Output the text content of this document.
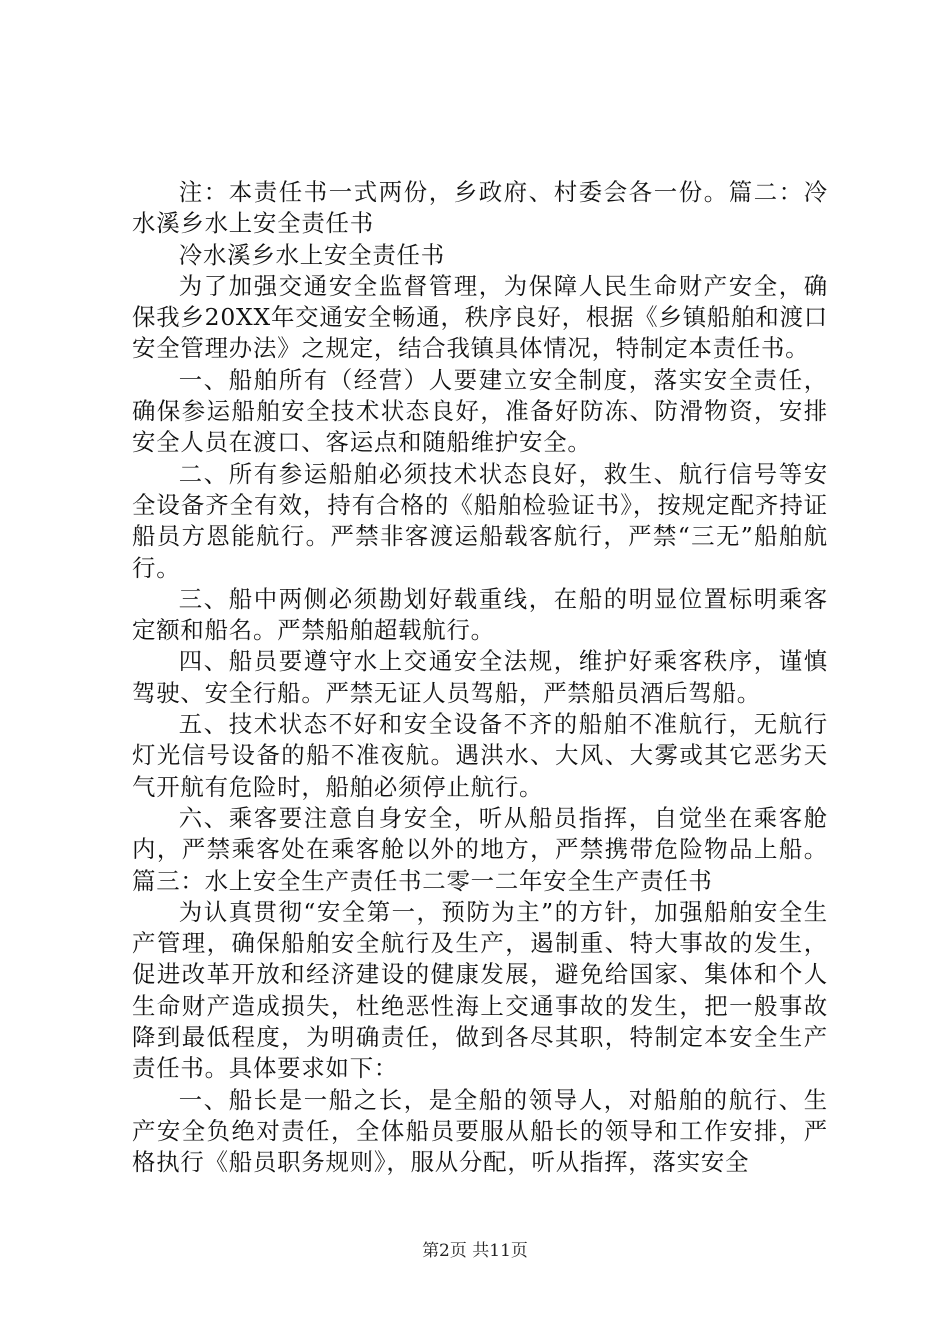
注：本责任书一式两份，乡政府、村委会各一份。篇二：冷水溪乡水上安全责任书

冷水溪乡水上安全责任书

为了加强交通安全监督管理，为保障人民生命财产安全，确保我乡20XX年交通安全畅通，秩序良好，根据《乡镇船舶和渡口安全管理办法》之规定，结合我镇具体情况，特制定本责任书。

一、船舶所有（经营）人要建立安全制度，落实安全责任，确保参运船舶安全技术状态良好，准备好防冻、防滑物资，安排安全人员在渡口、客运点和随船维护安全。

二、所有参运船舶必须技术状态良好，救生、航行信号等安全设备齐全有效，持有合格的《船舶检验证书》，按规定配齐持证船员方恩能航行。严禁非客渡运船载客航行，严禁“三无”船舶航行。

三、船中两侧必须勘划好载重线，在船的明显位置标明乘客定额和船名。严禁船舶超载航行。

四、船员要遵守水上交通安全法规，维护好乘客秩序，谨慎驾驶、安全行船。严禁无证人员驾船，严禁船员酒后驾船。

五、技术状态不好和安全设备不齐的船舶不准航行，无航行灯光信号设备的船不准夜航。遇洪水、大风、大雾或其它恶劣天气开航有危险时，船舶必须停止航行。

六、乘客要注意自身安全，听从船员指挥，自觉坐在乘客舱内，严禁乘客处在乘客舱以外的地方，严禁携带危险物品上船。篇三：水上安全生产责任书二零一二年安全生产责任书

为认真贯彻“安全第一，预防为主”的方针，加强船舶安全生产管理，确保船舶安全航行及生产，遏制重、特大事故的发生，促进改革开放和经济建设的健康发展，避免给国家、集体和个人生命财产造成损失，杜绝恶性海上交通事故的发生，把一般事故降到最低程度，为明确责任，做到各尽其职，特制定本安全生产责任书。具体要求如下：

一、船长是一船之长，是全船的领导人，对船舶的航行、生产安全负绝对责任，全体船员要服从船长的领导和工作安排，严格执行《船员职务规则》，服从分配，听从指挥，落实安全

第2页 共11页
